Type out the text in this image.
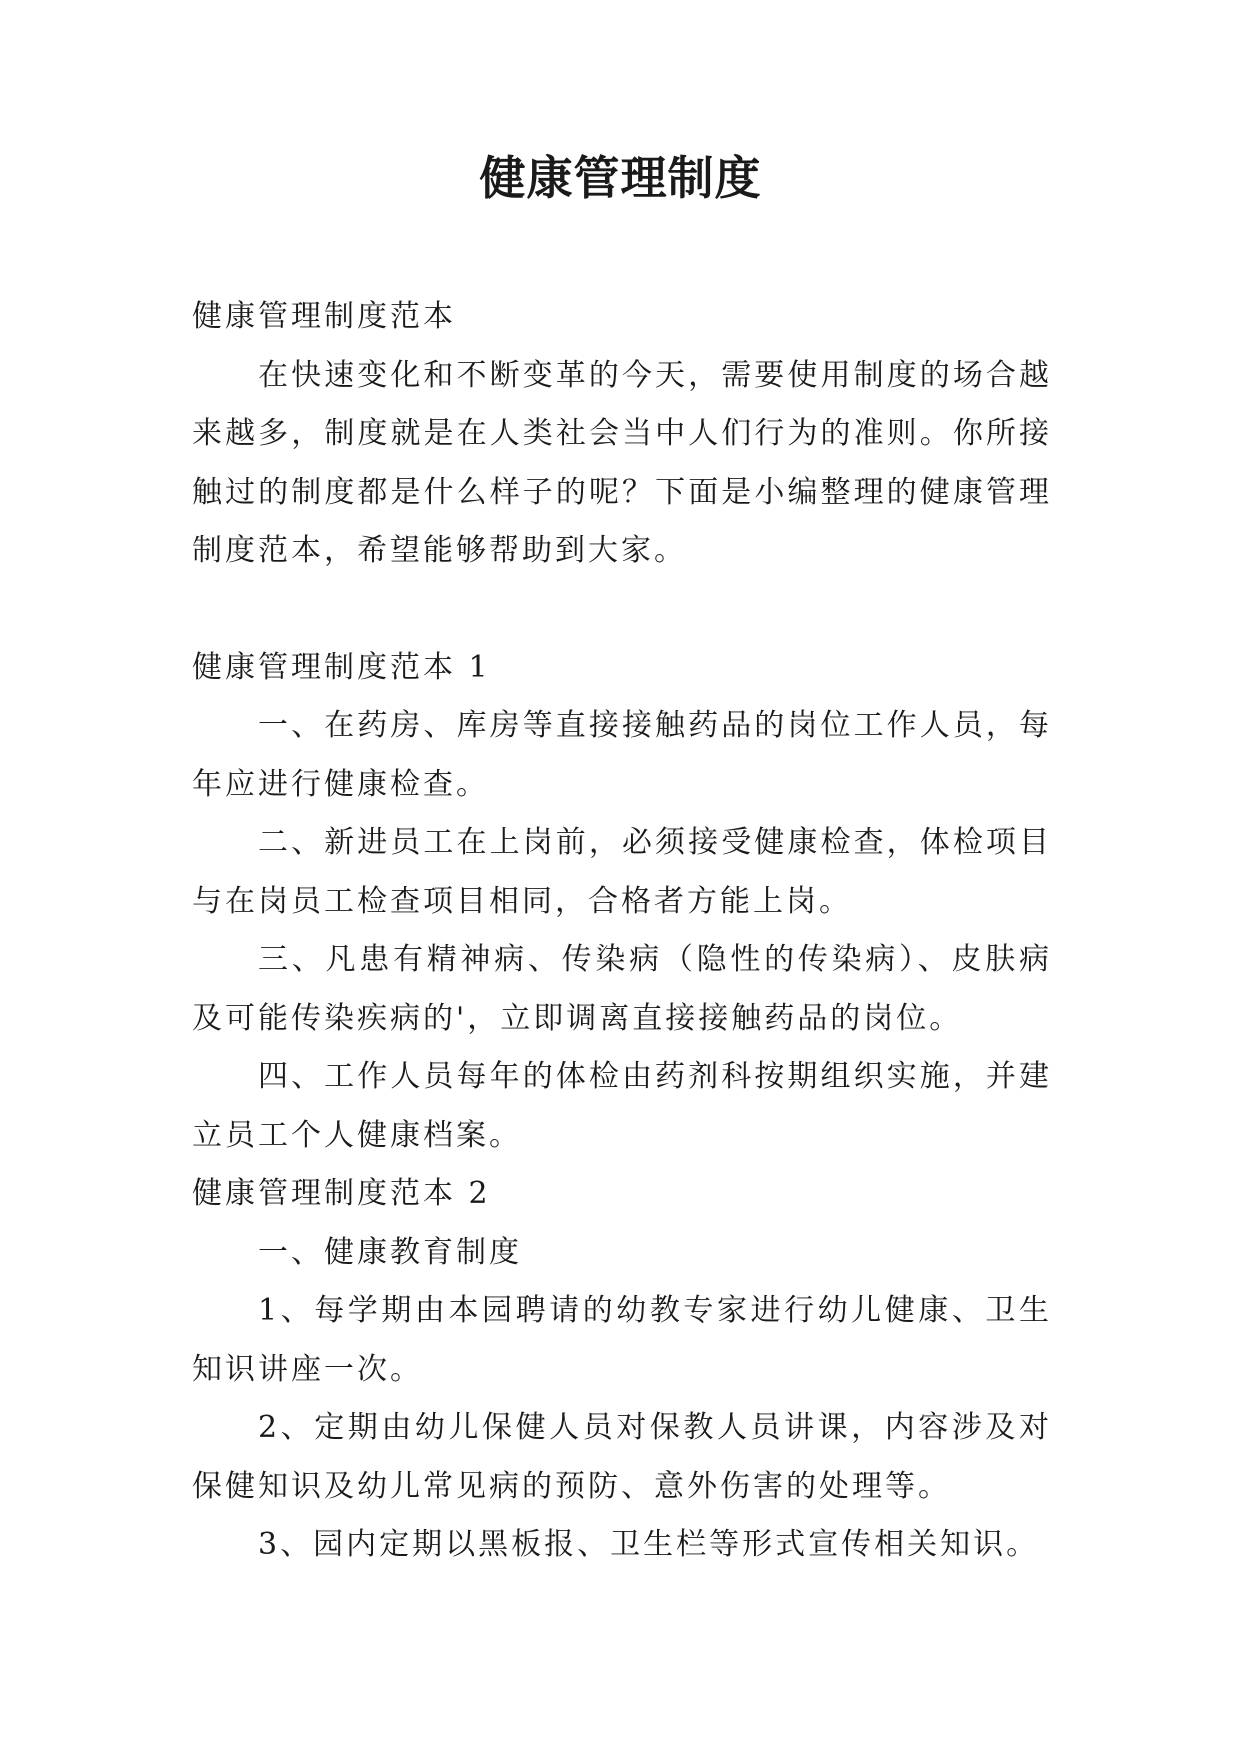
健康管理制度

健康管理制度范本

在快速变化和不断变革的今天，需要使用制度的场合越来越多，制度就是在人类社会当中人们行为的准则。你所接触过的制度都是什么样子的呢？下面是小编整理的健康管理制度范本，希望能够帮助到大家。

健康管理制度范本 1

一、在药房、库房等直接接触药品的岗位工作人员，每年应进行健康检查。

二、新进员工在上岗前，必须接受健康检查，体检项目与在岗员工检查项目相同，合格者方能上岗。

三、凡患有精神病、传染病（隐性的传染病）、皮肤病及可能传染疾病的'，立即调离直接接触药品的岗位。

四、工作人员每年的体检由药剂科按期组织实施，并建立员工个人健康档案。

健康管理制度范本 2

一、健康教育制度

1、每学期由本园聘请的幼教专家进行幼儿健康、卫生知识讲座一次。

2、定期由幼儿保健人员对保教人员讲课，内容涉及对保健知识及幼儿常见病的预防、意外伤害的处理等。

3、园内定期以黑板报、卫生栏等形式宣传相关知识。
